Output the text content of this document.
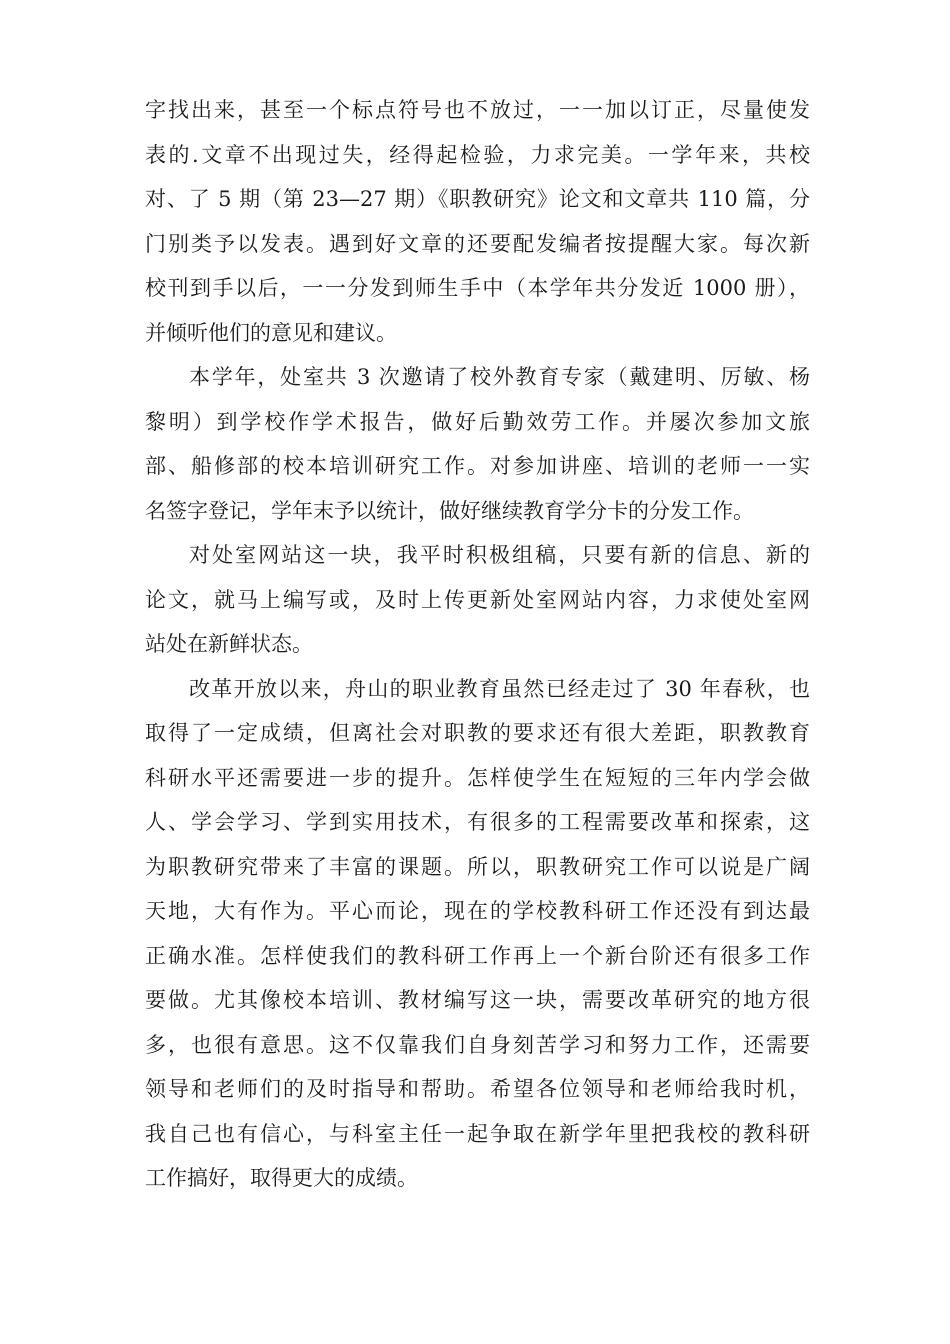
字找出来，甚至一个标点符号也不放过，一一加以订正，尽量使发
表的.文章不出现过失，经得起检验，力求完美。一学年来，共校
对、了 5 期（第 23—27 期）《职教研究》论文和文章共 110 篇，分
门别类予以发表。遇到好文章的还要配发编者按提醒大家。每次新
校刊到手以后，一一分发到师生手中（本学年共分发近 1000 册），
并倾听他们的意见和建议。
本学年，处室共 3 次邀请了校外教育专家（戴建明、厉敏、杨
黎明）到学校作学术报告，做好后勤效劳工作。并屡次参加文旅
部、船修部的校本培训研究工作。对参加讲座、培训的老师一一实
名签字登记，学年末予以统计，做好继续教育学分卡的分发工作。
对处室网站这一块，我平时积极组稿，只要有新的信息、新的
论文，就马上编写或，及时上传更新处室网站内容，力求使处室网
站处在新鲜状态。
改革开放以来，舟山的职业教育虽然已经走过了 30 年春秋，也
取得了一定成绩，但离社会对职教的要求还有很大差距，职教教育
科研水平还需要进一步的提升。怎样使学生在短短的三年内学会做
人、学会学习、学到实用技术，有很多的工程需要改革和探索，这
为职教研究带来了丰富的课题。所以，职教研究工作可以说是广阔
天地，大有作为。平心而论，现在的学校教科研工作还没有到达最
正确水准。怎样使我们的教科研工作再上一个新台阶还有很多工作
要做。尤其像校本培训、教材编写这一块，需要改革研究的地方很
多，也很有意思。这不仅靠我们自身刻苦学习和努力工作，还需要
领导和老师们的及时指导和帮助。希望各位领导和老师给我时机，
我自己也有信心，与科室主任一起争取在新学年里把我校的教科研
工作搞好，取得更大的成绩。
